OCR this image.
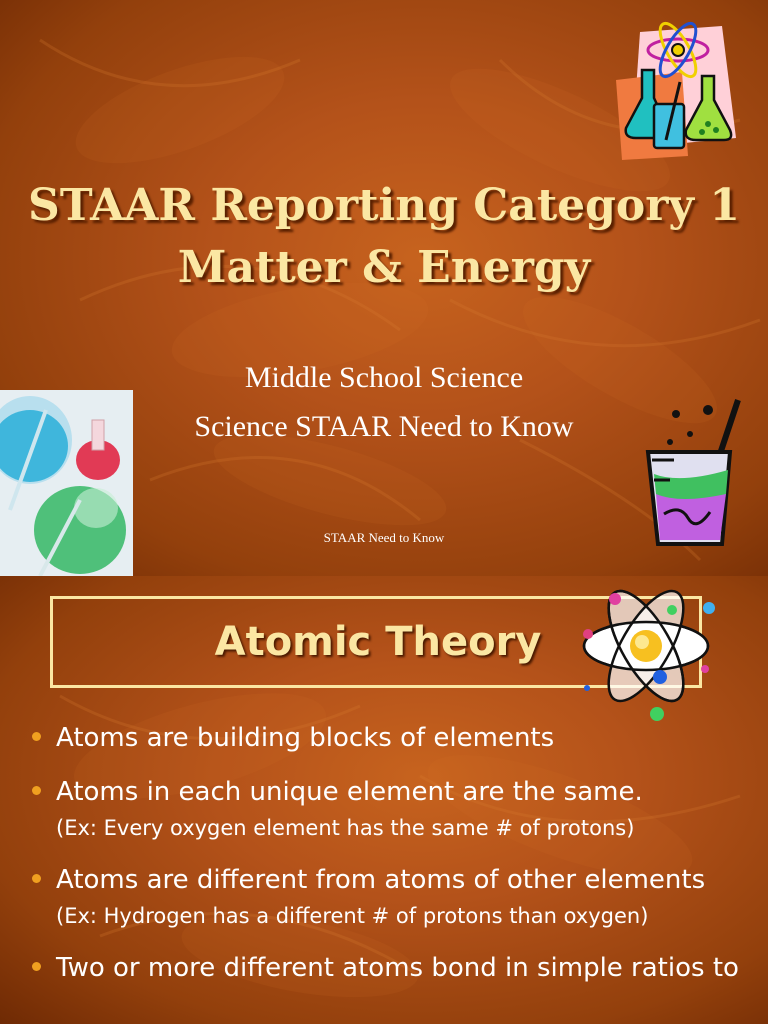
STAAR Reporting Category 1
Matter & Energy

Middle School Science

Science STAAR Need to Know

STAAR Need to Know
Atomic Theory
Atoms are building blocks of elements
Atoms in each unique element are the same.
(Ex: Every oxygen element has the same # of protons)
Atoms are different from atoms of other elements
(Ex: Hydrogen has a different # of protons than oxygen)
Two or more different atoms bond in simple ratios to
